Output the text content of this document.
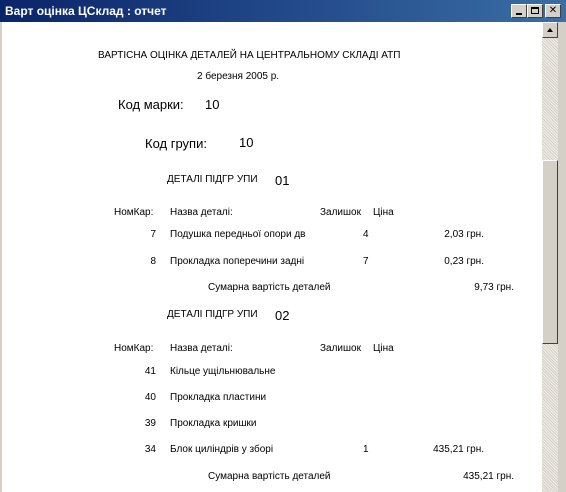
Варт оцінка ЦСклад : отчет	✕
ВАРТІСНА ОЦІНКА ДЕТАЛЕЙ НА ЦЕНТРАЛЬНОМУ СКЛАДІ АТП
2 березня 2005 р.
Код марки: 10
Код групи: 10
ДЕТАЛІ ПІДГР УПИ 01
НомКар: Назва деталі:	Залишок Ціна
7 Подушка передньої опори дв	4	2,03 грн.
8 Прокладка поперечини задні	7	0,23 грн.
Сумарна вартість деталей	9,73 грн.
ДЕТАЛІ ПІДГР УПИ 02
НомКар: Назва деталі:	Залишок Ціна
41 Кільце ущільнювальне
40 Прокладка пластини
39 Прокладка кришки
34 Блок циліндрів у зборі	1	435,21 грн.
Сумарна вартість деталей	435,21 грн.
